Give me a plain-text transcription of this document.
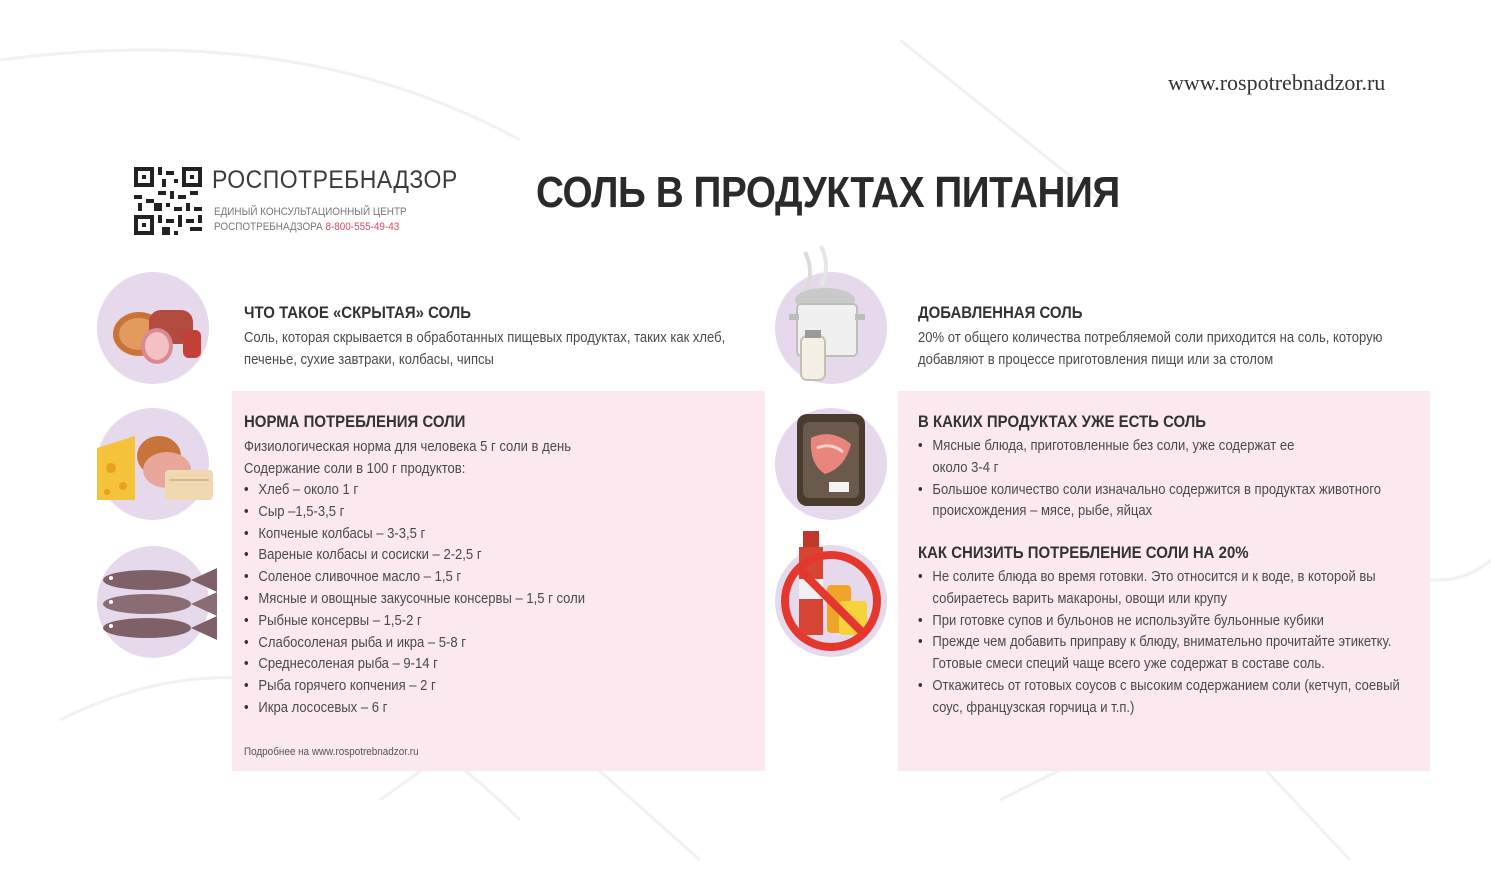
www.rospotrebnadzor.ru
РОСПОТРЕБНАДЗОР
ЕДИНЫЙ КОНСУЛЬТАЦИОННЫЙ ЦЕНТР
РОСПОТРЕБНАДЗОРА 8-800-555-49-43
СОЛЬ В ПРОДУКТАХ ПИТАНИЯ
ЧТО ТАКОЕ «СКРЫТАЯ» СОЛЬ
Соль, которая скрывается в обработанных пищевых продуктах, таких как хлеб, печенье, сухие завтраки, колбасы, чипсы
ДОБАВЛЕННАЯ СОЛЬ
20% от общего количества потребляемой соли приходится на соль, которую добавляют в процессе приготовления пищи или за столом
НОРМА ПОТРЕБЛЕНИЯ СОЛИ
Физиологическая норма для человека 5 г соли в день
Содержание соли в 100 г продуктов:
• Хлеб – около 1 г
• Сыр –1,5-3,5 г
• Копченые колбасы – 3-3,5 г
• Вареные колбасы и сосиски – 2-2,5 г
• Соленое сливочное масло – 1,5 г
• Мясные и овощные закусочные консервы – 1,5 г соли
• Рыбные консервы – 1,5-2 г
• Слабосоленая рыба и икра – 5-8 г
• Среднесоленая рыба – 9-14 г
• Рыба горячего копчения – 2 г
• Икра лососевых – 6 г
Подробнее на www.rospotrebnadzor.ru
В КАКИХ ПРОДУКТАХ УЖЕ ЕСТЬ СОЛЬ
• Мясные блюда, приготовленные без соли, уже содержат ее около 3-4 г
• Большое количество соли изначально содержится в продуктах животного происхождения – мясе, рыбе, яйцах
КАК СНИЗИТЬ ПОТРЕБЛЕНИЕ СОЛИ НА 20%
• Не солите блюда во время готовки. Это относится и к воде, в которой вы собираетесь варить макароны, овощи или крупу
• При готовке супов и бульонов не используйте бульонные кубики
• Прежде чем добавить приправу к блюду, внимательно прочитайте этикетку. Готовые смеси специй чаще всего уже содержат в составе соль.
• Откажитесь от готовых соусов с высоким содержанием соли (кетчуп, соевый соус, французская горчица и т.п.)
